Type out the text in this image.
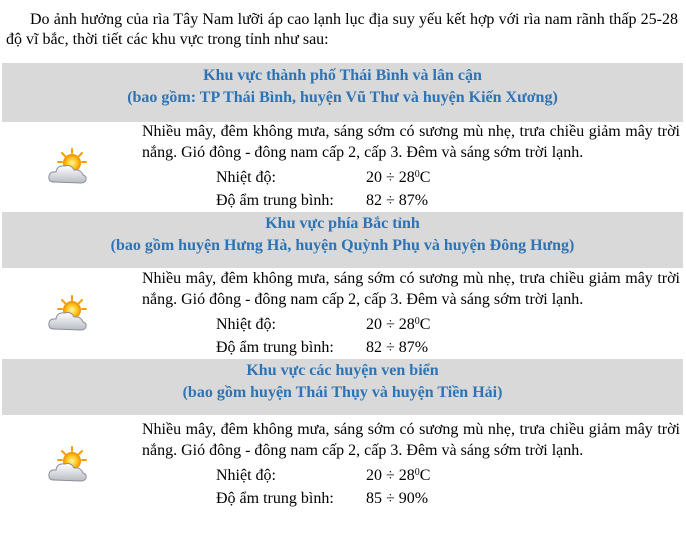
Do ảnh hưởng của rìa Tây Nam lưỡi áp cao lạnh lục địa suy yếu kết hợp với rìa nam rãnh thấp 25-28 độ vĩ bắc, thời tiết các khu vực trong tỉnh như sau:
Khu vực thành phố Thái Bình và lân cận
(bao gồm: TP Thái Bình, huyện Vũ Thư và huyện Kiến Xương)
Nhiều mây, đêm không mưa, sáng sớm có sương mù nhẹ, trưa chiều giảm mây trời nắng. Gió đông - đông nam cấp 2, cấp 3. Đêm và sáng sớm trời lạnh.
Nhiệt độ:	$20 \div 28^0C$
Độ ẩm trung bình: 82 ÷ 87%
Khu vực phía Bắc tỉnh
(bao gồm huyện Hưng Hà, huyện Quỳnh Phụ và huyện Đông Hưng)
Nhiều mây, đêm không mưa, sáng sớm có sương mù nhẹ, trưa chiều giảm mây trời nắng. Gió đông - đông nam cấp 2, cấp 3. Đêm và sáng sớm trời lạnh.
Nhiệt độ:	$20 \div 28^0C$
Độ ẩm trung bình: 82 ÷ 87%
Khu vực các huyện ven biển
(bao gồm huyện Thái Thụy và huyện Tiền Hải)
Nhiều mây, đêm không mưa, sáng sớm có sương mù nhẹ, trưa chiều giảm mây trời nắng. Gió đông - đông nam cấp 2, cấp 3. Đêm và sáng sớm trời lạnh.
Nhiệt độ:	$20 \div 28^0C$
Độ ẩm trung bình: 85 ÷ 90%
